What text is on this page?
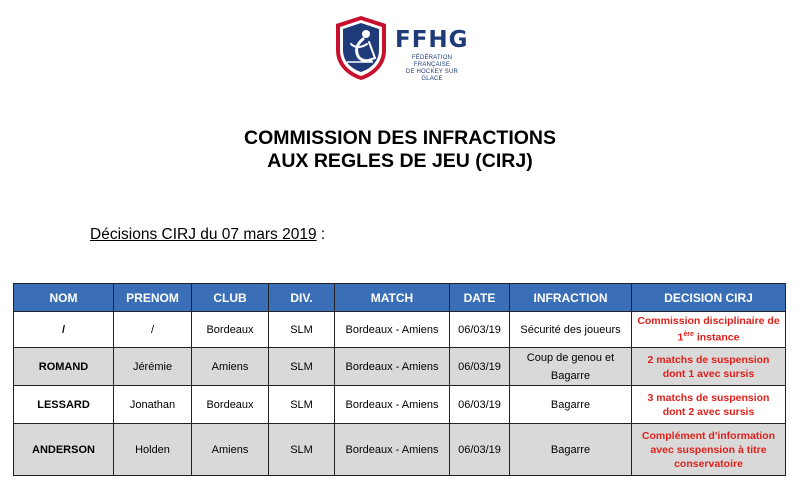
FFHG
FÉDÉRATION FRANÇAISE
DE HOCKEY SUR GLACE
COMMISSION DES INFRACTIONS
AUX REGLES DE JEU (CIRJ)
Décisions CIRJ du 07 mars 2019 :
NOM	PRENOM	CLUB	DIV.	MATCH	DATE	INFRACTION	DECISION CIRJ
/	/	Bordeaux	SLM	Bordeaux - Amiens	06/03/19	Sécurité des joueurs	Commission disciplinaire de 1ère instance
ROMAND	Jérémie	Amiens	SLM	Bordeaux - Amiens	06/03/19	Coup de genou et Bagarre	2 matchs de suspension dont 1 avec sursis
LESSARD	Jonathan	Bordeaux	SLM	Bordeaux - Amiens	06/03/19	Bagarre	3 matchs de suspension dont 2 avec sursis
ANDERSON	Holden	Amiens	SLM	Bordeaux - Amiens	06/03/19	Bagarre	Complément d'information avec suspension à titre conservatoire
